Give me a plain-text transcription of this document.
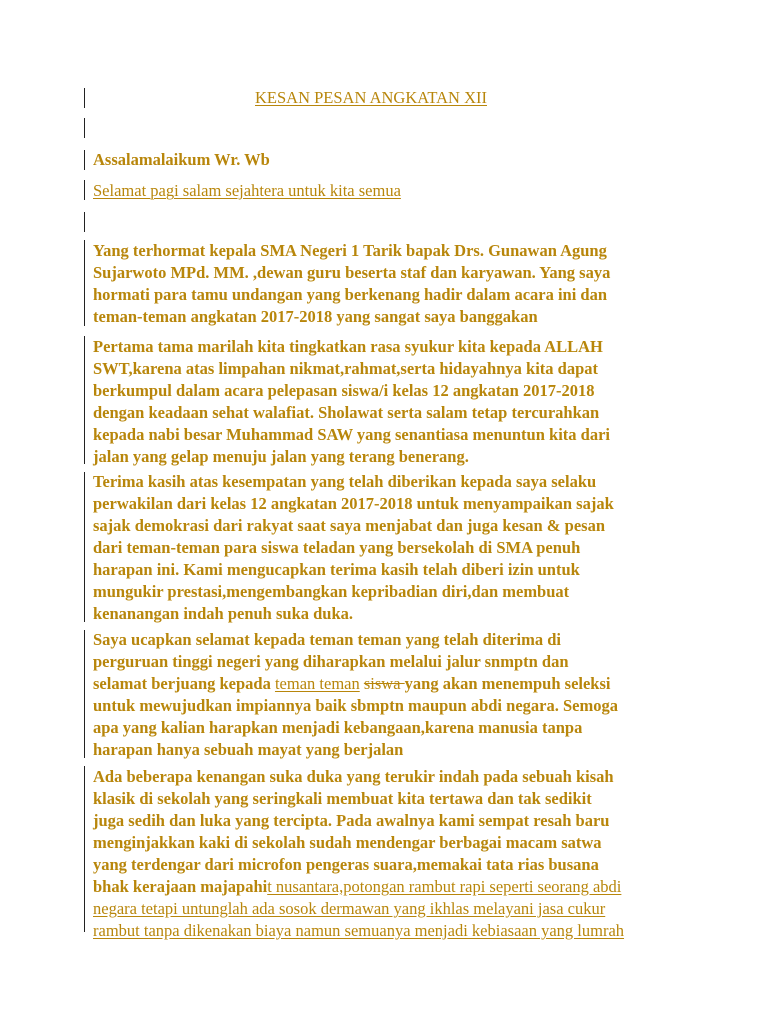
KESAN PESAN ANGKATAN XII
Assalamalaikum Wr. Wb
Selamat pagi salam sejahtera untuk kita semua
Yang terhormat kepala SMA Negeri 1 Tarik bapak Drs. Gunawan Agung
Sujarwoto MPd. MM. ,dewan guru beserta staf dan karyawan. Yang saya
hormati para tamu undangan yang berkenang hadir dalam acara ini dan
teman-teman angkatan 2017-2018 yang sangat saya banggakan
Pertama tama marilah kita tingkatkan rasa syukur kita kepada ALLAH
SWT,karena atas limpahan nikmat,rahmat,serta hidayahnya kita dapat
berkumpul dalam acara pelepasan siswa/i kelas 12 angkatan 2017-2018
dengan keadaan sehat walafiat. Sholawat serta salam tetap tercurahkan
kepada nabi besar Muhammad SAW yang senantiasa menuntun kita dari
jalan yang gelap menuju jalan yang terang benerang.
Terima kasih atas kesempatan yang telah diberikan kepada saya selaku
perwakilan dari kelas 12 angkatan 2017-2018 untuk menyampaikan sajak
sajak demokrasi dari rakyat saat saya menjabat dan juga kesan & pesan
dari teman-teman para siswa teladan yang bersekolah di SMA penuh
harapan ini. Kami mengucapkan terima kasih telah diberi izin untuk
mungukir prestasi,mengembangkan kepribadian diri,dan membuat
kenanangan indah penuh suka duka.
Saya ucapkan selamat kepada teman teman yang telah diterima di
perguruan tinggi negeri yang diharapkan melalui jalur snmptn dan
selamat berjuang kepada teman teman siswa yang akan menempuh seleksi
untuk mewujudkan impiannya baik sbmptn maupun abdi negara. Semoga
apa yang kalian harapkan menjadi kebangaan,karena manusia tanpa
harapan hanya sebuah mayat yang berjalan
Ada beberapa kenangan suka duka yang terukir indah pada sebuah kisah
klasik di sekolah yang seringkali membuat kita tertawa dan tak sedikit
juga sedih dan luka yang tercipta. Pada awalnya kami sempat resah baru
menginjakkan kaki di sekolah sudah mendengar berbagai macam satwa
yang terdengar dari microfon pengeras suara,memakai tata rias busana
bhak kerajaan majapahit nusantara,potongan rambut rapi seperti seorang abdi
negara tetapi untunglah ada sosok dermawan yang ikhlas melayani jasa cukur
rambut tanpa dikenakan biaya namun semuanya menjadi kebiasaan yang lumrah
